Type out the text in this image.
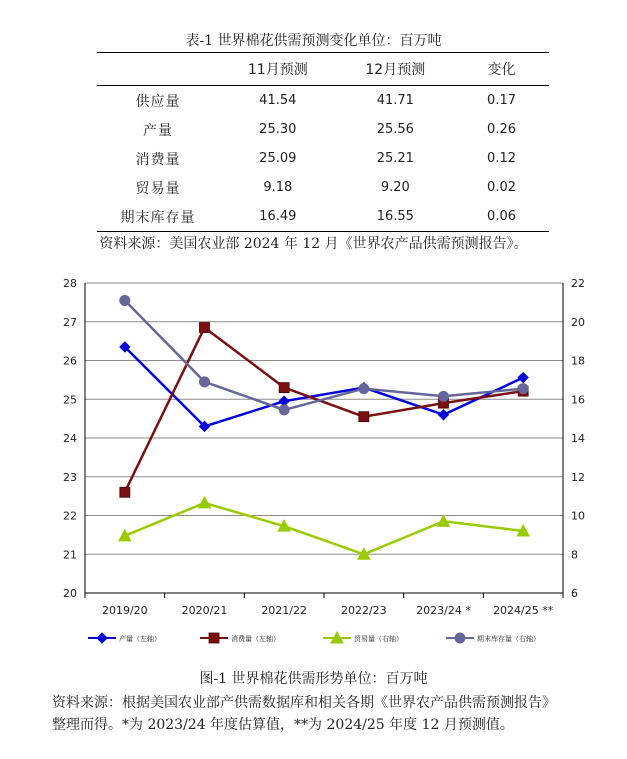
表-1 世界棉花供需预测变化单位：百万吨
	11月预测	12月预测	变化
供应量	41.54	41.71	0.17
产量	25.30	25.56	0.26
消费量	25.09	25.21	0.12
贸易量	9.18	9.20	0.02
期末库存量	16.49	16.55	0.06
资料来源：美国农业部 2024 年 12 月《世界农产品供需预测报告》。
20
21
22
23
24
25
26
27
28
6
8
10
12
14
16
18
20
22
2019/20	2020/21	2021/22	2022/23	2023/24 * 2024/25 **
产量（左轴）	消费量（左轴）	贸易量（右轴）	期末库存量（右轴）
图-1 世界棉花供需形势单位：百万吨
资料来源：根据美国农业部产供需数据库和相关各期《世界农产品供需预测报告》
整理而得。*为 2023/24 年度估算值，**为 2024/25 年度 12 月预测值。
